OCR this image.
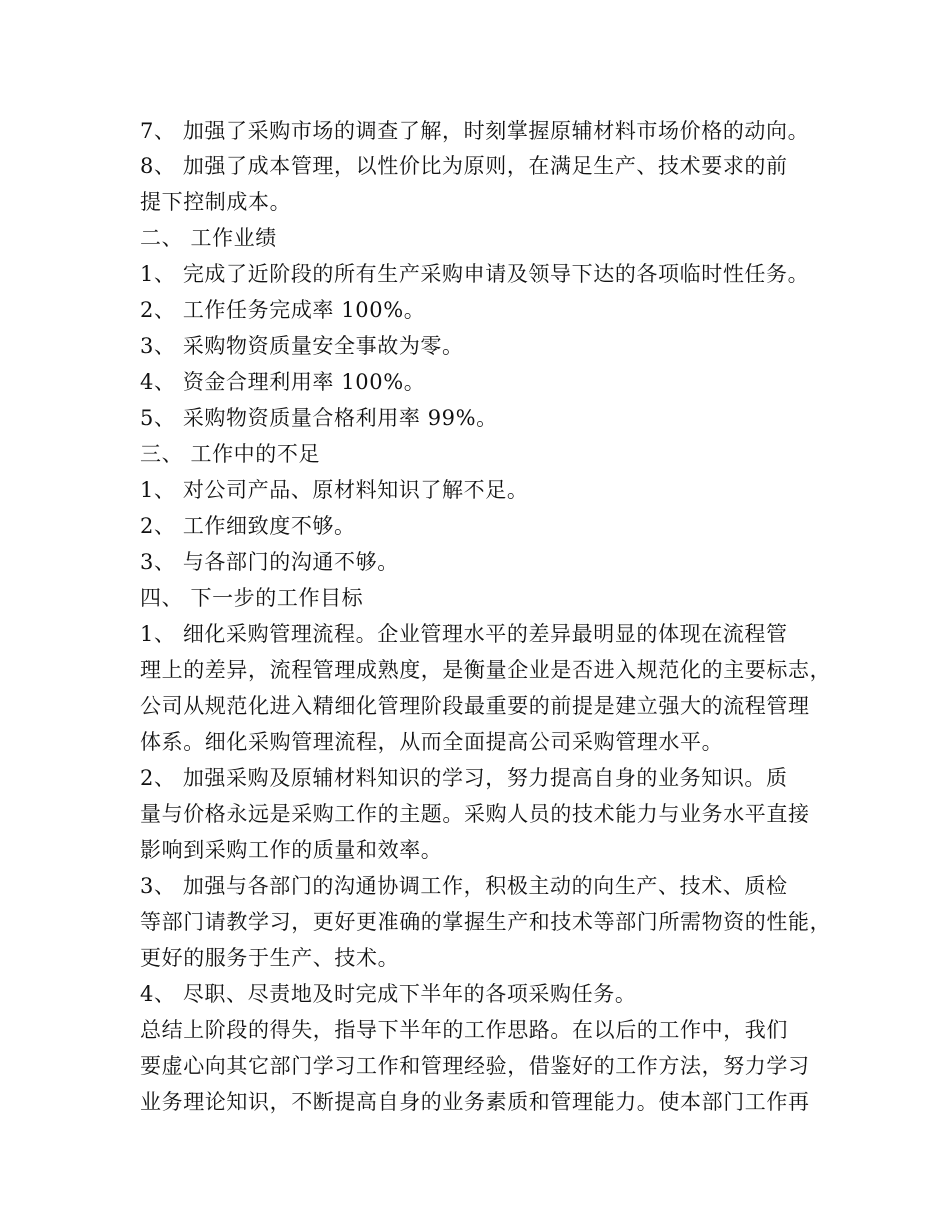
7、 加强了采购市场的调查了解，时刻掌握原辅材料市场价格的动向。
8、 加强了成本管理，以性价比为原则，在满足生产、技术要求的前
提下控制成本。
二、 工作业绩
1、 完成了近阶段的所有生产采购申请及领导下达的各项临时性任务。
2、 工作任务完成率 100%。
3、 采购物资质量安全事故为零。
4、 资金合理利用率 100%。
5、 采购物资质量合格利用率 99%。
三、 工作中的不足
1、 对公司产品、原材料知识了解不足。
2、 工作细致度不够。
3、 与各部门的沟通不够。
四、 下一步的工作目标
1、 细化采购管理流程。企业管理水平的差异最明显的体现在流程管
理上的差异，流程管理成熟度，是衡量企业是否进入规范化的主要标志，
公司从规范化进入精细化管理阶段最重要的前提是建立强大的流程管理
体系。细化采购管理流程，从而全面提高公司采购管理水平。
2、 加强采购及原辅材料知识的学习，努力提高自身的业务知识。质
量与价格永远是采购工作的主题。采购人员的技术能力与业务水平直接
影响到采购工作的质量和效率。
3、 加强与各部门的沟通协调工作，积极主动的向生产、技术、质检
等部门请教学习，更好更准确的掌握生产和技术等部门所需物资的性能，
更好的服务于生产、技术。
4、 尽职、尽责地及时完成下半年的各项采购任务。
总结上阶段的得失，指导下半年的工作思路。在以后的工作中，我们
要虚心向其它部门学习工作和管理经验，借鉴好的工作方法，努力学习
业务理论知识，不断提高自身的业务素质和管理能力。使本部门工作再
